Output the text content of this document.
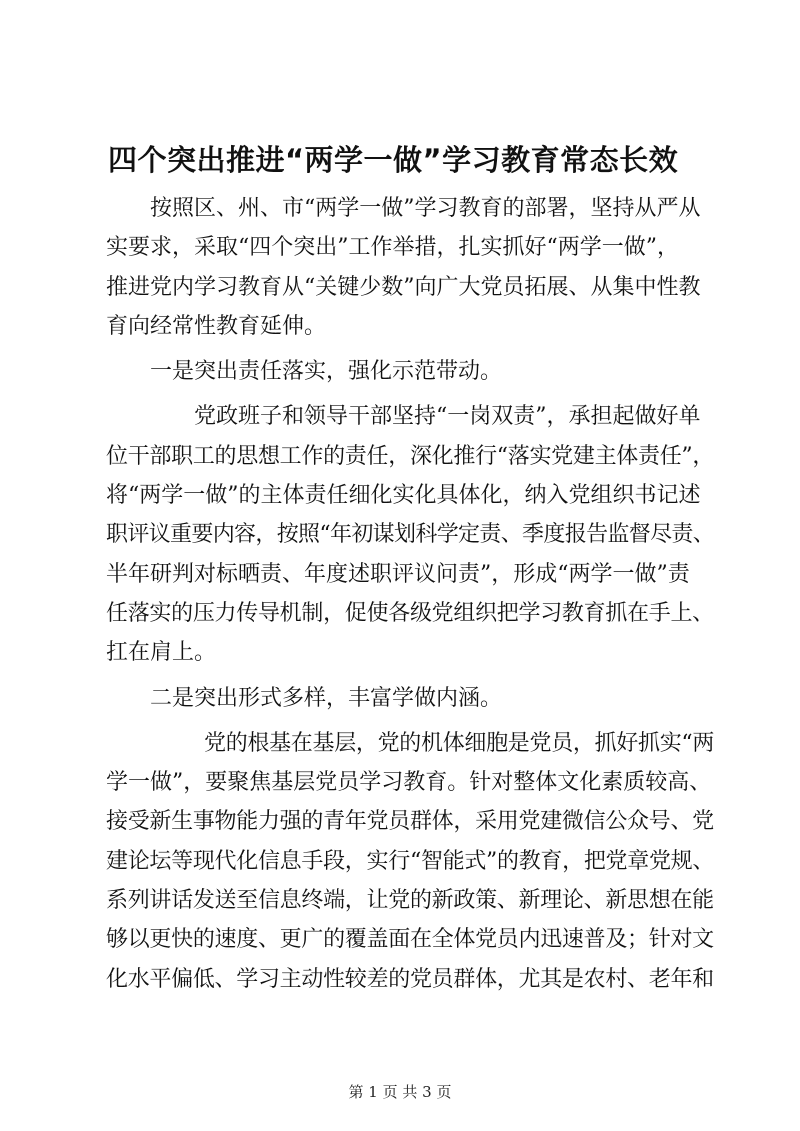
四个突出推进“两学一做”学习教育常态长效
按照区、州、市“两学一做”学习教育的部署，坚持从严从
实要求，采取“四个突出”工作举措，扎实抓好“两学一做”，
推进党内学习教育从“关键少数”向广大党员拓展、从集中性教
育向经常性教育延伸。
一是突出责任落实，强化示范带动。
党政班子和领导干部坚持“一岗双责”，承担起做好单
位干部职工的思想工作的责任，深化推行“落实党建主体责任”，
将“两学一做”的主体责任细化实化具体化，纳入党组织书记述
职评议重要内容，按照“年初谋划科学定责、季度报告监督尽责、
半年研判对标晒责、年度述职评议问责”，形成“两学一做”责
任落实的压力传导机制，促使各级党组织把学习教育抓在手上、
扛在肩上。
二是突出形式多样，丰富学做内涵。
党的根基在基层，党的机体细胞是党员，抓好抓实“两
学一做”，要聚焦基层党员学习教育。针对整体文化素质较高、
接受新生事物能力强的青年党员群体，采用党建微信公众号、党
建论坛等现代化信息手段，实行“智能式”的教育，把党章党规、
系列讲话发送至信息终端，让党的新政策、新理论、新思想在能
够以更快的速度、更广的覆盖面在全体党员内迅速普及；针对文
化水平偏低、学习主动性较差的党员群体，尤其是农村、老年和
第 1 页 共 3 页
